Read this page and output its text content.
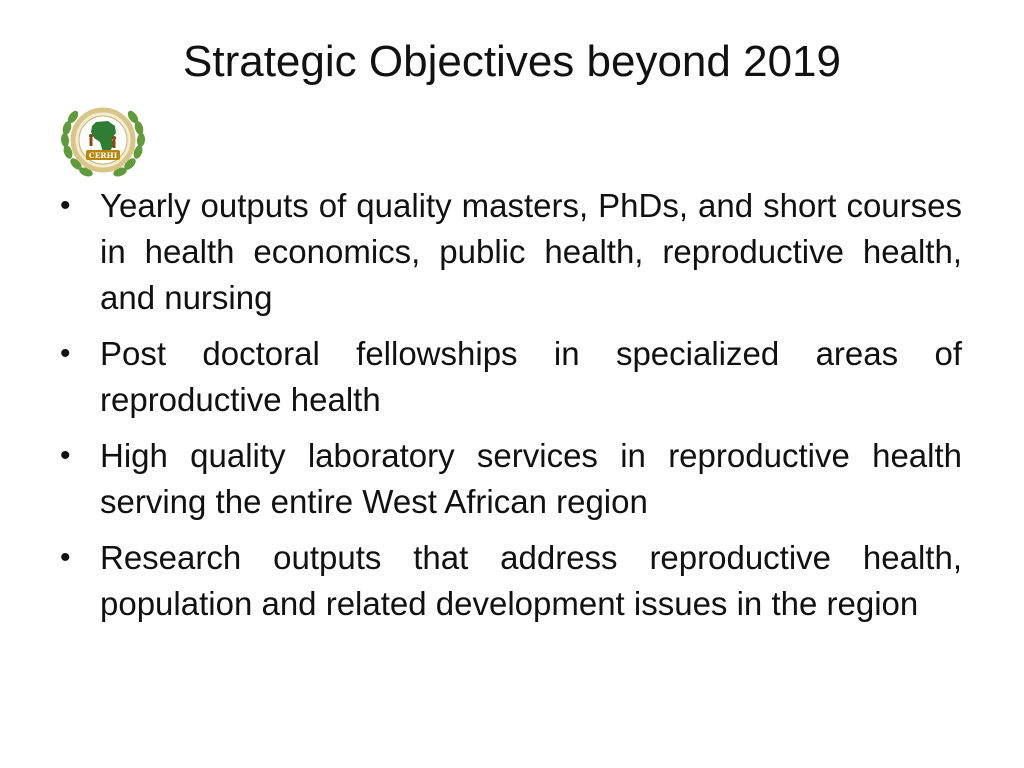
Strategic Objectives beyond 2019
CERHI
• Yearly outputs of quality masters, PhDs, and short courses in health economics, public health, reproductive health, and nursing
• Post doctoral fellowships in specialized areas of reproductive health
• High quality laboratory services in reproductive health serving the entire West African region
• Research outputs that address reproductive health, population and related development issues in the region
